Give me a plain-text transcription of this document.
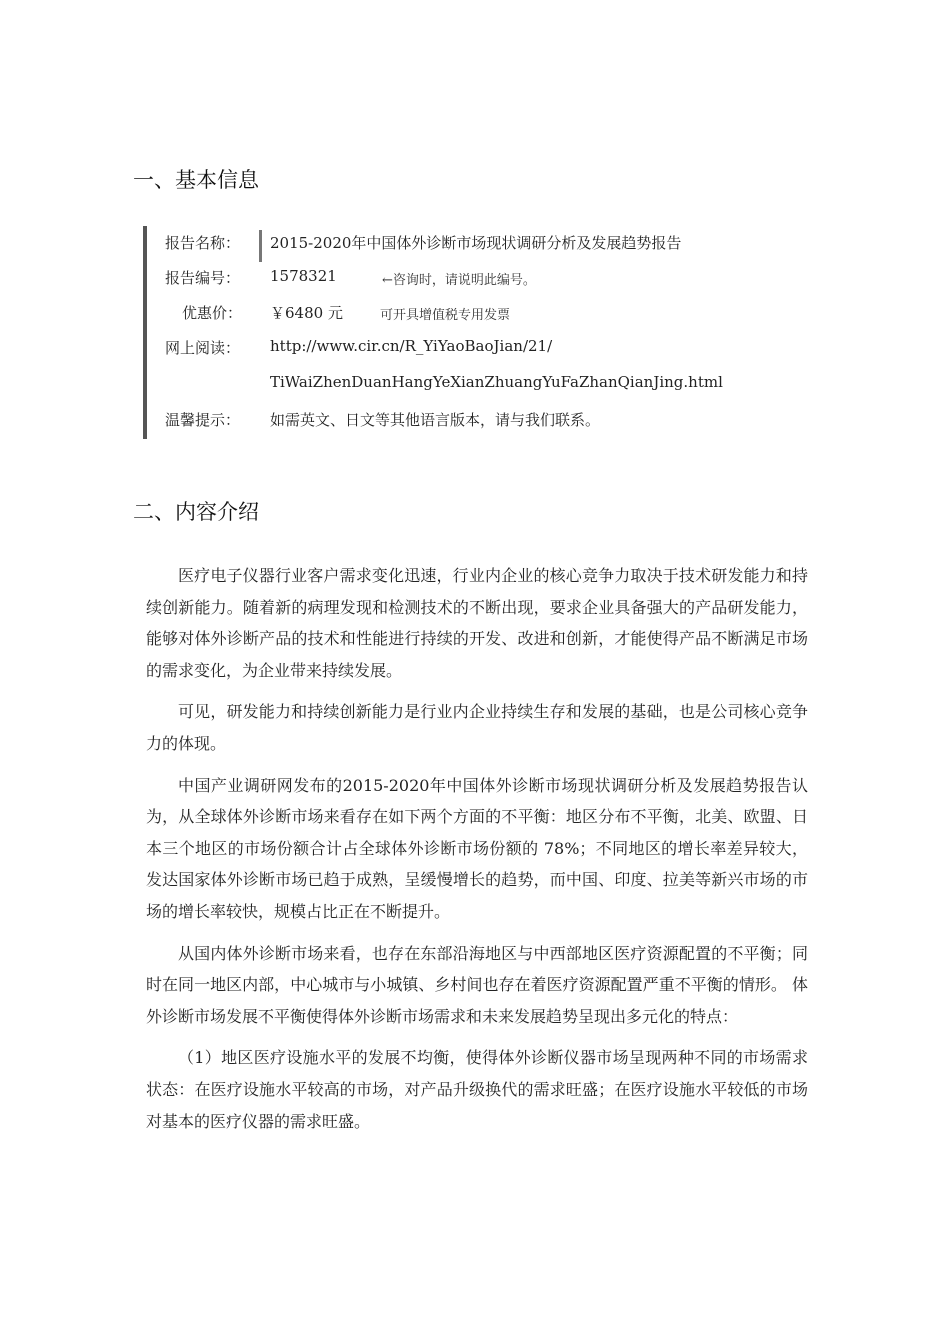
一、基本信息
报告名称：	2015-2020年中国体外诊断市场现状调研分析及发展趋势报告
报告编号：	1578321	←咨询时，请说明此编号。
优惠价：	￥6480 元	可开具增值税专用发票
网上阅读：	http://www.cir.cn/R_YiYaoBaoJian/21/
TiWaiZhenDuanHangYeXianZhuangYuFaZhanQianJing.html
温馨提示：	如需英文、日文等其他语言版本，请与我们联系。
二、内容介绍

医疗电子仪器行业客户需求变化迅速，行业内企业的核心竞争力取决于技术研发能力和持续创新能力。随着新的病理发现和检测技术的不断出现，要求企业具备强大的产品研发能力，能够对体外诊断产品的技术和性能进行持续的开发、改进和创新，才能使得产品不断满足市场的需求变化，为企业带来持续发展。

可见，研发能力和持续创新能力是行业内企业持续生存和发展的基础，也是公司核心竞争力的体现。

中国产业调研网发布的2015-2020年中国体外诊断市场现状调研分析及发展趋势报告认为，从全球体外诊断市场来看存在如下两个方面的不平衡：地区分布不平衡，北美、欧盟、日本三个地区的市场份额合计占全球体外诊断市场份额的 78%；不同地区的增长率差异较大，发达国家体外诊断市场已趋于成熟，呈缓慢增长的趋势，而中国、印度、拉美等新兴市场的市场的增长率较快，规模占比正在不断提升。

从国内体外诊断市场来看，也存在东部沿海地区与中西部地区医疗资源配置的不平衡；同时在同一地区内部，中心城市与小城镇、乡村间也存在着医疗资源配置严重不平衡的情形。 体外诊断市场发展不平衡使得体外诊断市场需求和未来发展趋势呈现出多元化的特点：

（1）地区医疗设施水平的发展不均衡，使得体外诊断仪器市场呈现两种不同的市场需求状态：在医疗设施水平较高的市场，对产品升级换代的需求旺盛；在医疗设施水平较低的市场对基本的医疗仪器的需求旺盛。
